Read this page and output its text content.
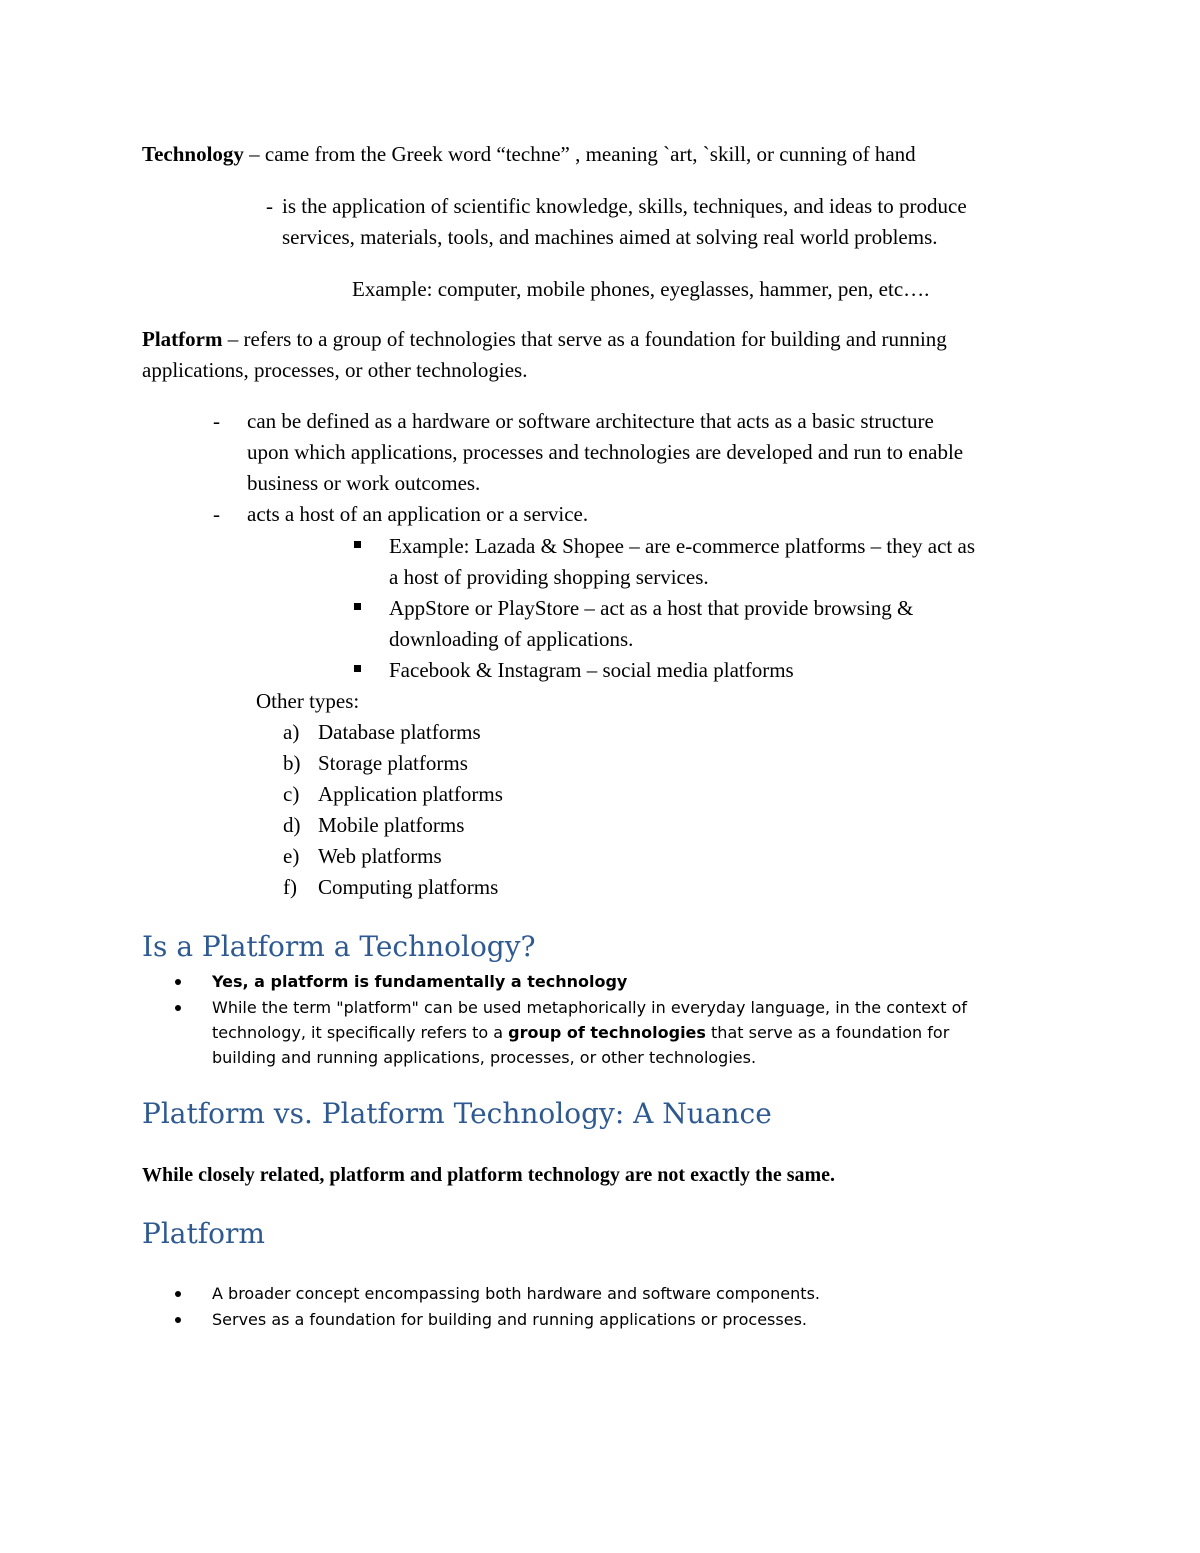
Technology – came from the Greek word “techne” , meaning `art, `skill, or cunning of hand
- is the application of scientific knowledge, skills, techniques, and ideas to produce
services, materials, tools, and machines aimed at solving real world problems.
Example: computer, mobile phones, eyeglasses, hammer, pen, etc….
Platform – refers to a group of technologies that serve as a foundation for building and running
applications, processes, or other technologies.
- can be defined as a hardware or software architecture that acts as a basic structure
upon which applications, processes and technologies are developed and run to enable
business or work outcomes.
- acts a host of an application or a service.
Example: Lazada & Shopee – are e-commerce platforms – they act as
a host of providing shopping services.
AppStore or PlayStore – act as a host that provide browsing &
downloading of applications.
Facebook & Instagram – social media platforms
Other types:
a) Database platforms
b) Storage platforms
c) Application platforms
d) Mobile platforms
e) Web platforms
f) Computing platforms
Is a Platform a Technology?
Yes, a platform is fundamentally a technology
While the term "platform" can be used metaphorically in everyday language, in the context of
technology, it specifically refers to a group of technologies that serve as a foundation for
building and running applications, processes, or other technologies.
Platform vs. Platform Technology: A Nuance
While closely related, platform and platform technology are not exactly the same.
Platform
A broader concept encompassing both hardware and software components.
Serves as a foundation for building and running applications or processes.
